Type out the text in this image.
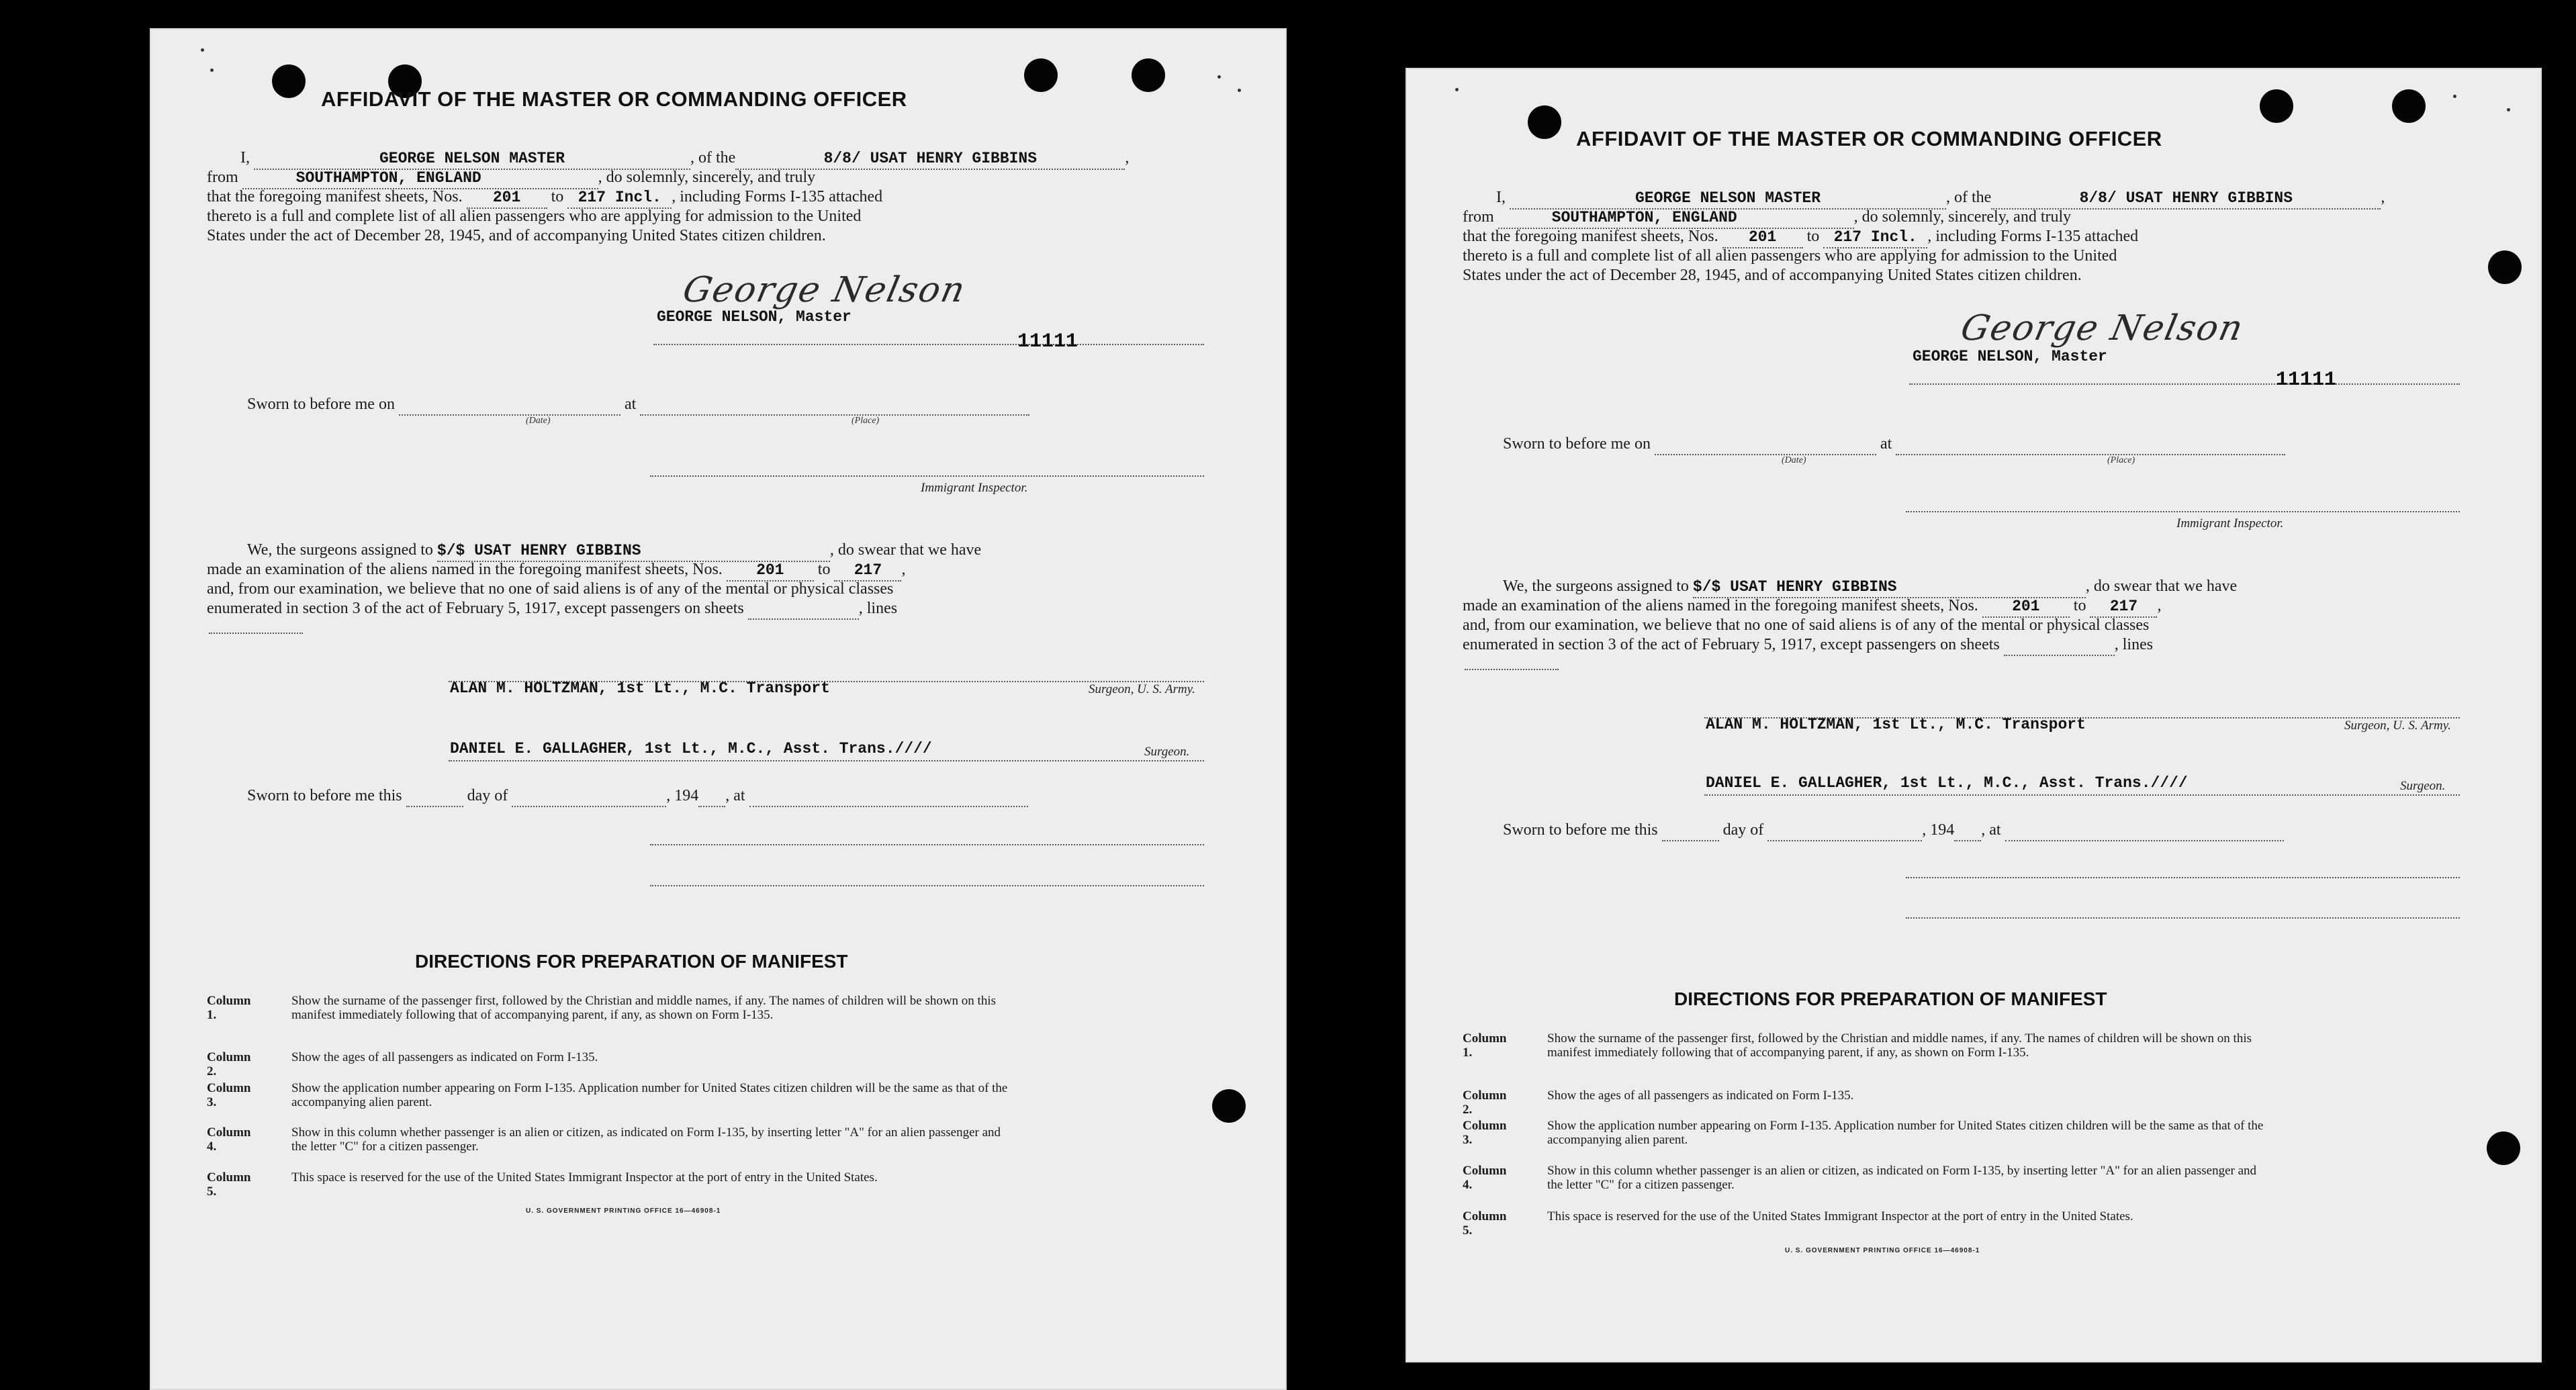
AFFIDAVIT OF THE MASTER OR COMMANDING OFFICER
I,	GEORGE NELSON MASTER	, of the	8/8/ USAT HENRY GIBBINS	,
from	SOUTHAMPTON, ENGLAND	, do solemnly, sincerely, and truly
that the foregoing manifest sheets, Nos. 201 to 217 Incl. , including Forms I-135 attached
thereto is a full and complete list of all alien passengers who are applying for admission to the United
States under the act of December 28, 1945, and of accompanying United States citizen children.
George Nelson
GEORGE NELSON, Master
11111
Sworn to before me on	at
(Date)	(Place)
Immigrant Inspector.
We, the surgeons assigned to $/$ USAT HENRY GIBBINS	, do swear that we have
made an examination of the aliens named in the foregoing manifest sheets, Nos. 201 to 217 ,
and, from our examination, we believe that no one of said aliens is of any of the mental or physical classes
enumerated in section 3 of the act of February 5, 1917, except passengers on sheets	, lines
ALAN M. HOLTZMAN, 1st Lt., M.C. Transport	Surgeon, U. S. Army.
DANIEL E. GALLAGHER, 1st Lt., M.C., Asst. Trans.////	Surgeon.
Sworn to before me this	day of	, 194 , at
DIRECTIONS FOR PREPARATION OF MANIFEST
Column 1.
Show the surname of the passenger first, followed by the Christian and middle names, if any. The names of children will be shown on this manifest immediately following that of accompanying parent, if any, as shown on Form I-135.
Column 2.
Show the ages of all passengers as indicated on Form I-135.
Column 3.
Show the application number appearing on Form I-135. Application number for United States citizen children will be the same as that of the accompanying alien parent.
Column 4.
Show in this column whether passenger is an alien or citizen, as indicated on Form I-135, by inserting letter "A" for an alien passenger and the letter "C" for a citizen passenger.
Column 5.
This space is reserved for the use of the United States Immigrant Inspector at the port of entry in the United States.
U. S. GOVERNMENT PRINTING OFFICE 16—46908-1
AFFIDAVIT OF THE MASTER OR COMMANDING OFFICER
I,	GEORGE NELSON MASTER	, of the	8/8/ USAT HENRY GIBBINS	,
from	SOUTHAMPTON, ENGLAND	, do solemnly, sincerely, and truly
that the foregoing manifest sheets, Nos. 201 to 217 Incl. , including Forms I-135 attached
thereto is a full and complete list of all alien passengers who are applying for admission to the United
States under the act of December 28, 1945, and of accompanying United States citizen children.
George Nelson
GEORGE NELSON, Master
11111
Sworn to before me on	at
(Date)	(Place)
Immigrant Inspector.
We, the surgeons assigned to $/$ USAT HENRY GIBBINS	, do swear that we have
made an examination of the aliens named in the foregoing manifest sheets, Nos. 201 to 217 ,
and, from our examination, we believe that no one of said aliens is of any of the mental or physical classes
enumerated in section 3 of the act of February 5, 1917, except passengers on sheets	, lines
ALAN M. HOLTZMAN, 1st Lt., M.C. Transport	Surgeon, U. S. Army.
DANIEL E. GALLAGHER, 1st Lt., M.C., Asst. Trans.////	Surgeon.
Sworn to before me this	day of	, 194 , at
DIRECTIONS FOR PREPARATION OF MANIFEST
Column 1.
Show the surname of the passenger first, followed by the Christian and middle names, if any. The names of children will be shown on this manifest immediately following that of accompanying parent, if any, as shown on Form I-135.
Column 2.
Show the ages of all passengers as indicated on Form I-135.
Column 3.
Show the application number appearing on Form I-135. Application number for United States citizen children will be the same as that of the accompanying alien parent.
Column 4.
Show in this column whether passenger is an alien or citizen, as indicated on Form I-135, by inserting letter "A" for an alien passenger and the letter "C" for a citizen passenger.
Column 5.
This space is reserved for the use of the United States Immigrant Inspector at the port of entry in the United States.
U. S. GOVERNMENT PRINTING OFFICE 16—46908-1
